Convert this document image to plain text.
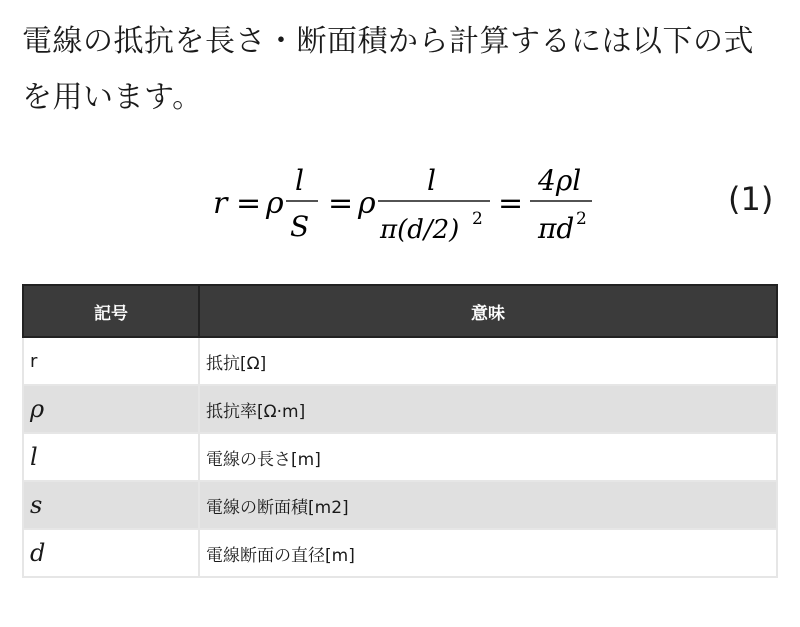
電線の抵抗を長さ・断面積から計算するには以下の式
を用います。
r = ρ
l
S
= ρ
l
π(d/2) 2 =
4ρl
πd 2
(1)
記号	意味
r	抵抗[Ω]
ρ	抵抗率[Ω·m]
l	電線の長さ[m]
s	電線の断面積[m2]
d	電線断面の直径[m]
